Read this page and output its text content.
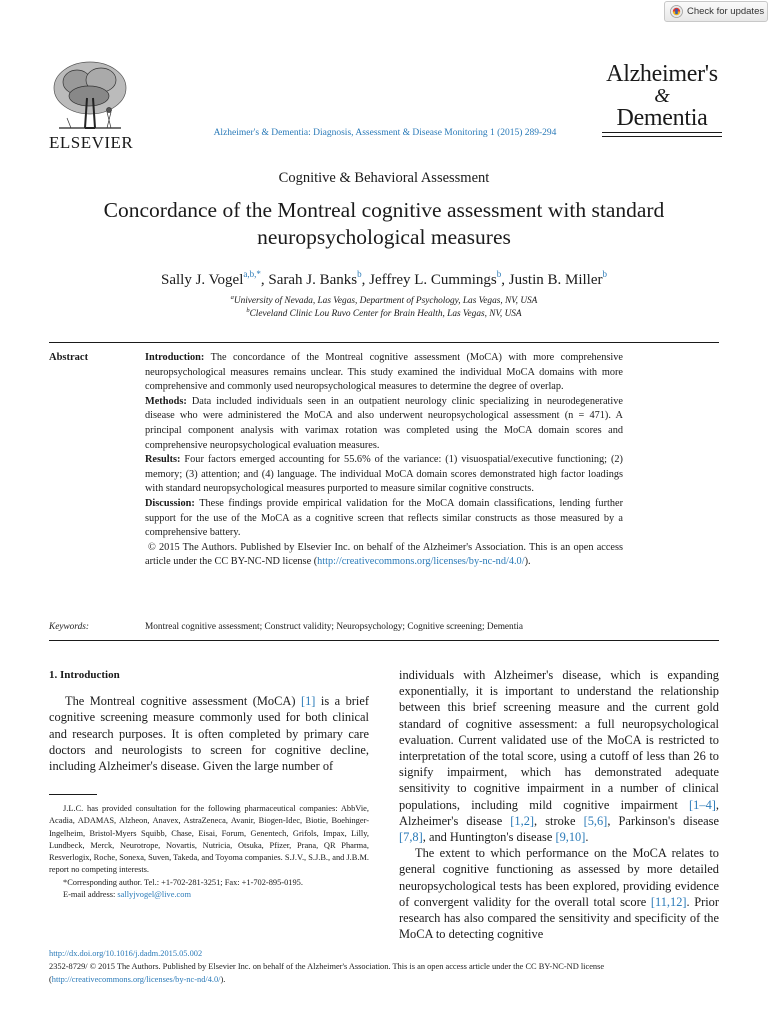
Check for updates
ELSEVIER	Alzheimer's & Dementia: Diagnosis, Assessment & Disease Monitoring 1 (2015) 289-294
Alzheimer's
&
Dementia
Cognitive & Behavioral Assessment
Concordance of the Montreal cognitive assessment with standard neuropsychological measures
Sally J. Vogel$^{a,b,*}$, Sarah J. Banks$^b$, Jeffrey L. Cummings$^b$, Justin B. Miller$^b$
$^a$University of Nevada, Las Vegas, Department of Psychology, Las Vegas, NV, USA
$^b$Cleveland Clinic Lou Ruvo Center for Brain Health, Las Vegas, NV, USA
Abstract	Introduction: The concordance of the Montreal cognitive assessment (MoCA) with more comprehensive neuropsychological measures remains unclear. This study examined the individual MoCA domains with more comprehensive and commonly used neuropsychological measures to determine the degree of overlap.

Methods: Data included individuals seen in an outpatient neurology clinic specializing in neurodegenerative disease who were administered the MoCA and also underwent neuropsychological assessment (n = 471). A principal component analysis with varimax rotation was completed using the MoCA domain scores and comprehensive neuropsychological evaluation measures.

Results: Four factors emerged accounting for 55.6% of the variance: (1) visuospatial/executive functioning; (2) memory; (3) attention; and (4) language. The individual MoCA domain scores demonstrated high factor loadings with standard neuropsychological measures purported to measure similar cognitive constructs.

Discussion: These findings provide empirical validation for the MoCA domain classifications, lending further support for the use of the MoCA as a cognitive screen that reflects similar constructs as those measured by a comprehensive battery.

© 2015 The Authors. Published by Elsevier Inc. on behalf of the Alzheimer's Association. This is an open access article under the CC BY-NC-ND license (http://creativecommons.org/licenses/by-nc-nd/4.0/).

Keywords:	Montreal cognitive assessment; Construct validity; Neuropsychology; Cognitive screening; Dementia
1. Introduction
The Montreal cognitive assessment (MoCA) [1] is a brief cognitive screening measure commonly used for both clinical and research purposes. It is often completed by primary care doctors and neurologists to screen for cognitive decline, including Alzheimer's disease. Given the large number of

J.L.C. has provided consultation for the following pharmaceutical companies: AbbVie, Acadia, ADAMAS, Alzheon, Anavex, AstraZeneca, Avanir, Biogen-Idec, Biotie, Boehinger-Ingelheim, Bristol-Myers Squibb, Chase, Eisai, Forum, Genentech, Grifols, Impax, Lilly, Lundbeck, Merck, Neurotrope, Novartis, Nutricia, Otsuka, Pfizer, Prana, QR Pharma, Resverlogix, Roche, Sonexa, Suven, Takeda, and Toyoma companies. S.J.V., S.J.B., and J.B.M. report no competing interests.

*Corresponding author. Tel.: +1-702-281-3251; Fax: +1-702-895-0195.

E-mail address: sallyjvogel@live.com

individuals with Alzheimer's disease, which is expanding exponentially, it is important to understand the relationship between this brief screening measure and the current gold standard of cognitive assessment: a full neuropsychological evaluation. Current validated use of the MoCA is restricted to interpretation of the total score, using a cutoff of less than 26 to signify impairment, which has demonstrated adequate sensitivity to cognitive impairment in a number of clinical populations, including mild cognitive impairment [1–4], Alzheimer's disease [1,2], stroke [5,6], Parkinson's disease [7,8], and Huntington's disease [9,10].
The extent to which performance on the MoCA relates to general cognitive functioning as assessed by more detailed neuropsychological tests has been explored, providing evidence of convergent validity for the overall total score [11,12]. Prior research has also compared the sensitivity and specificity of the MoCA to detecting cognitive
http://dx.doi.org/10.1016/j.dadm.2015.05.002
2352-8729/ © 2015 The Authors. Published by Elsevier Inc. on behalf of the Alzheimer's Association. This is an open access article under the CC BY-NC-ND license (http://creativecommons.org/licenses/by-nc-nd/4.0/).
